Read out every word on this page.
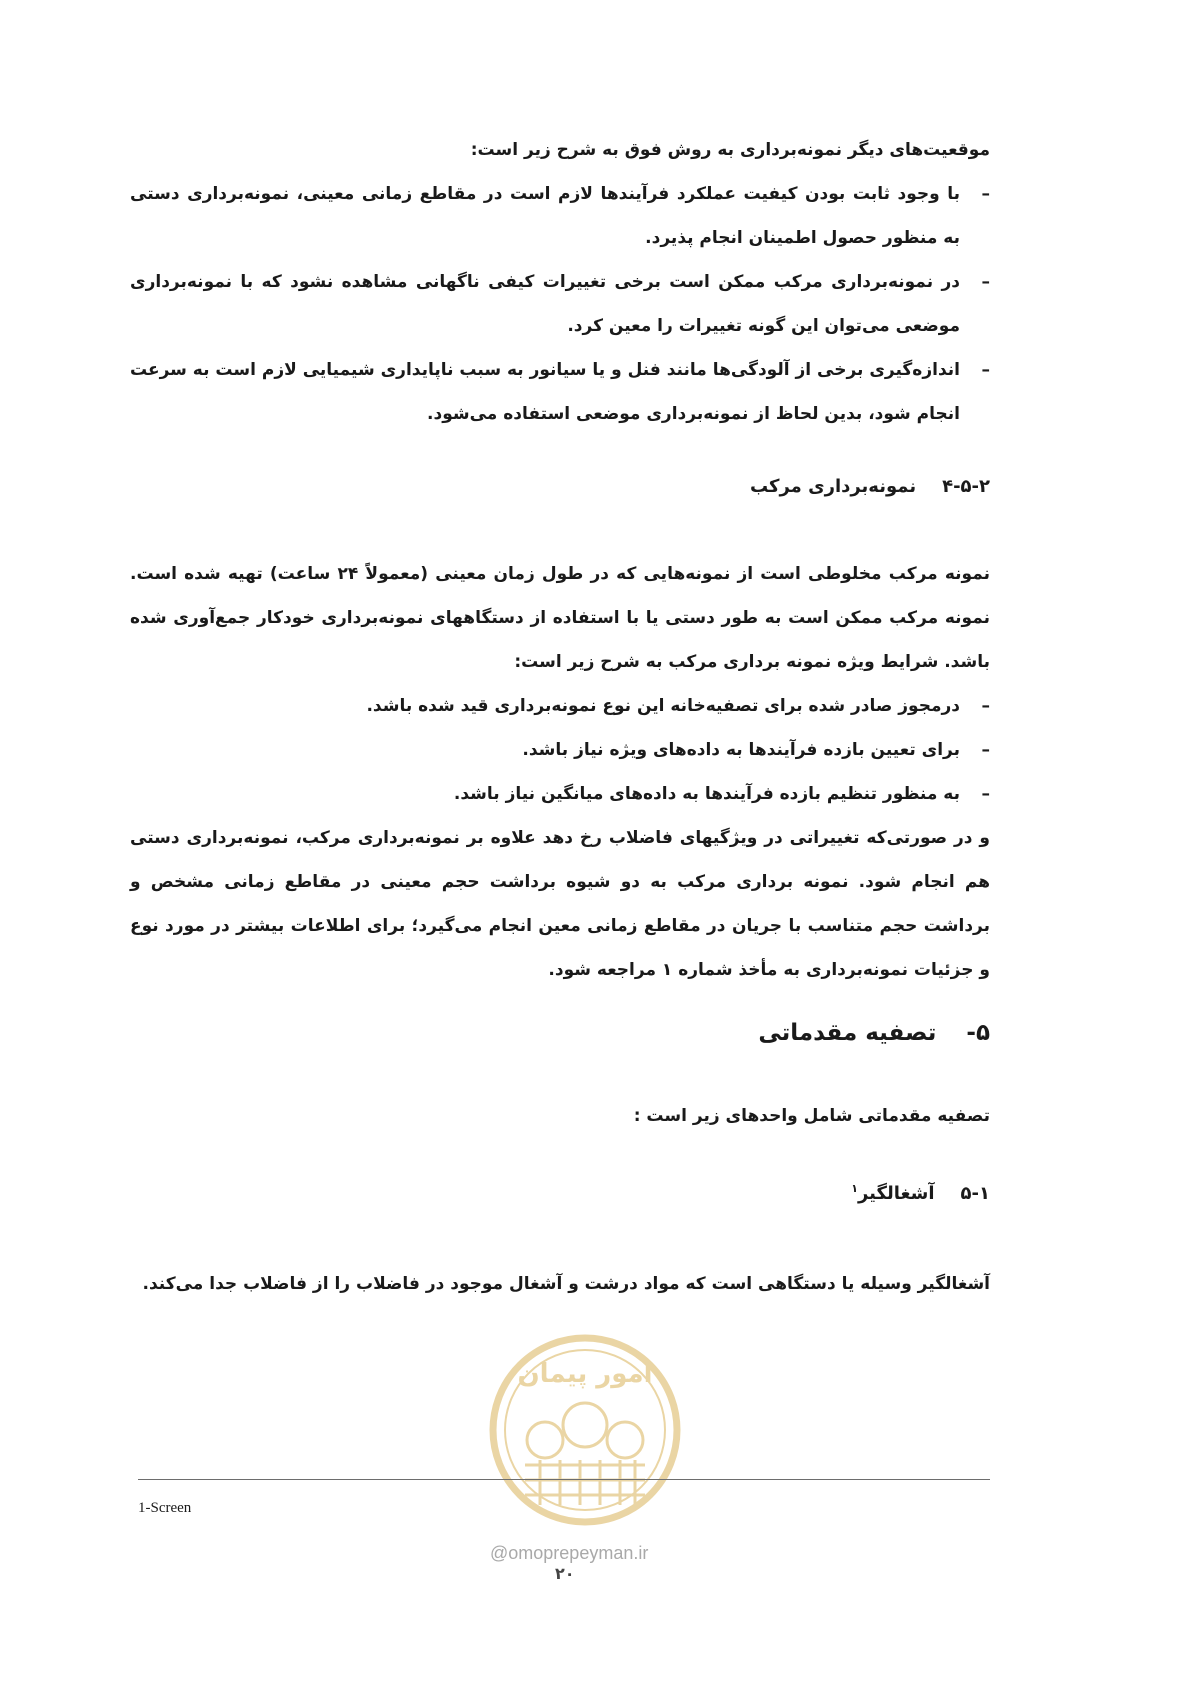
موقعیت‌های دیگر نمونه‌برداری به روش فوق به شرح زیر است:

–
با وجود ثابت بودن کیفیت عملکرد فرآیندها لازم است در مقاطع زمانی معینی، نمونه‌برداری دستی به منظور حصول اطمینان انجام پذیرد.

–
در نمونه‌برداری مرکب ممکن است برخی تغییرات کیفی ناگهانی مشاهده نشود که با نمونه‌برداری موضعی می‌توان این گونه تغییرات را معین کرد.

–
اندازه‌گیری برخی از آلودگی‌ها مانند فنل و یا سیانور به سبب ناپایداری شیمیایی لازم است به سرعت انجام شود، بدین لحاظ از نمونه‌برداری موضعی استفاده می‌شود.

۴-۵-۲نمونه‌برداری مرکب

نمونه مرکب مخلوطی است از نمونه‌هایی که در طول زمان معینی (معمولاً ۲۴ ساعت) تهیه شده است. نمونه مرکب ممکن است به طور دستی یا با استفاده از دستگاههای نمونه‌برداری خودکار جمع‌آوری شده باشد. شرایط ویژه نمونه برداری مرکب به شرح زیر است:

–
درمجوز صادر شده برای تصفیه‌خانه این نوع نمونه‌برداری قید شده باشد.

–
برای تعیین بازده فرآیندها به داده‌های ویژه نیاز باشد.

–
به منظور تنظیم بازده فرآیندها به داده‌های میانگین نیاز باشد.

و در صورتی‌که تغییراتی در ویژگیهای فاضلاب رخ دهد علاوه بر نمونه‌برداری مرکب، نمونه‌برداری دستی هم انجام شود. نمونه برداری مرکب به دو شیوه برداشت حجم معینی در مقاطع زمانی مشخص و برداشت حجم متناسب با جریان در مقاطع زمانی معین انجام می‌گیرد؛ برای اطلاعات بیشتر در مورد نوع و جزئیات نمونه‌برداری به مأخذ شماره ۱ مراجعه شود.

۵-تصفیه مقدماتی

تصفیه مقدماتی شامل واحدهای زیر است :

۵-۱آشغالگیر$^۱$

آشغالگیر وسیله یا دستگاهی است که مواد درشت و آشغال موجود در فاضلاب را از فاضلاب جدا می‌کند.

امور پیمان
1-Screen
@omoprepeyman.ir
۲۰
